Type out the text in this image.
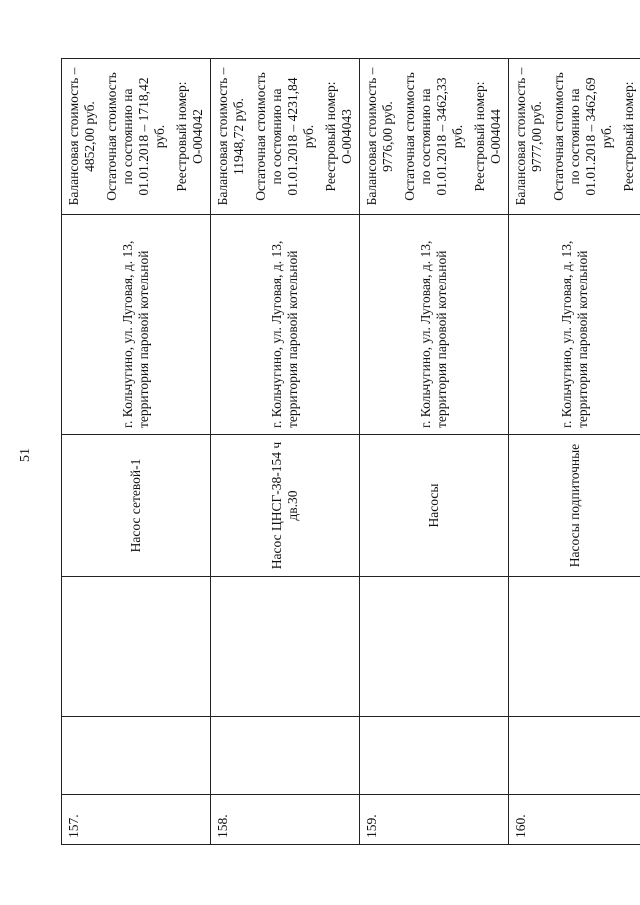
51
157.			Насос сетевой-1	г. Кольчугино, ул. Луговая, д. 13, территория паровой котельной	Балансовая стоимость – 4852,00 руб. Остаточная стоимость по состоянию на 01.01.2018 – 1718,42 руб. Реестровый номер: О-004042

158.			Насос ЦНСГ-38-154 ч дв.30	г. Кольчугино, ул. Луговая, д. 13, территория паровой котельной	Балансовая стоимость – 11948,72 руб. Остаточная стоимость по состоянию на 01.01.2018 – 4231,84 руб. Реестровый номер: О-004043

159.			Насосы	г. Кольчугино, ул. Луговая, д. 13, территория паровой котельной	Балансовая стоимость – 9776,00 руб. Остаточная стоимость по состоянию на 01.01.2018 – 3462,33 руб. Реестровый номер: О-004044

160.			Насосы подпиточные	г. Кольчугино, ул. Луговая, д. 13, территория паровой котельной	Балансовая стоимость – 9777,00 руб. Остаточная стоимость по состоянию на 01.01.2018 – 3462,69 руб. Реестровый номер:
